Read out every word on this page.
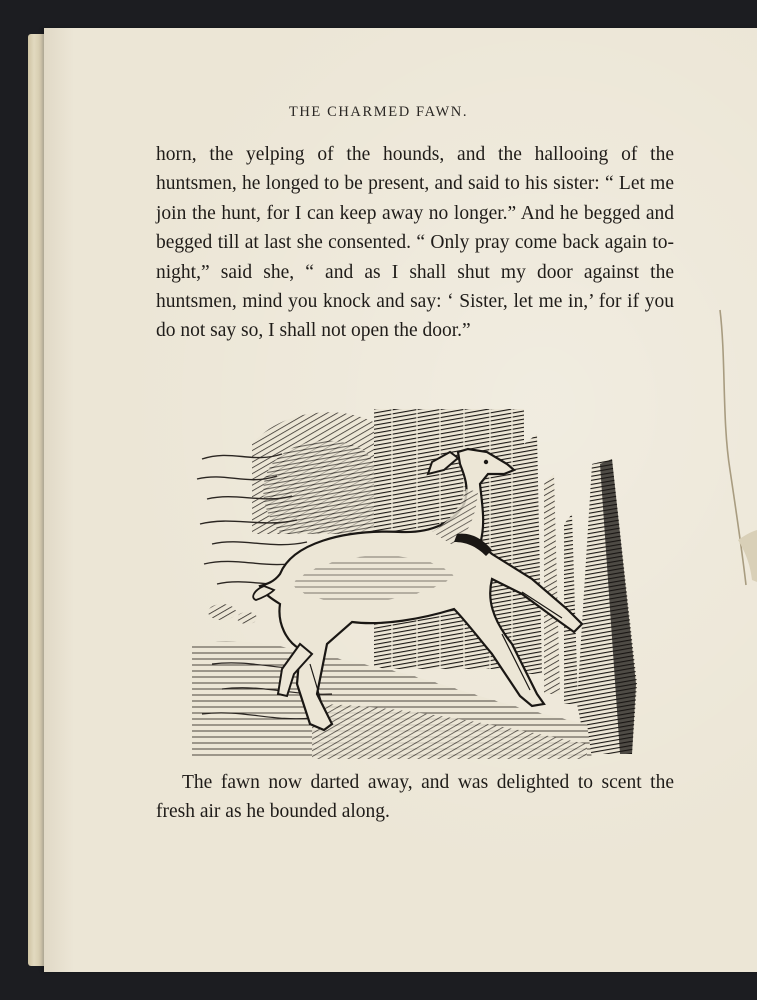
THE CHARMED FAWN.

horn, the yelping of the hounds, and the hallooing of the huntsmen, he longed to be present, and said to his sister: “ Let me join the hunt, for I can keep away no longer.” And he begged and begged till at last she consented. “ Only pray come back again to-night,” said she, “ and as I shall shut my door against the huntsmen, mind you knock and say: ‘ Sister, let me in,’ for if you do not say so, I shall not open the door.”

The fawn now darted away, and was delighted to scent the fresh air as he bounded along.
